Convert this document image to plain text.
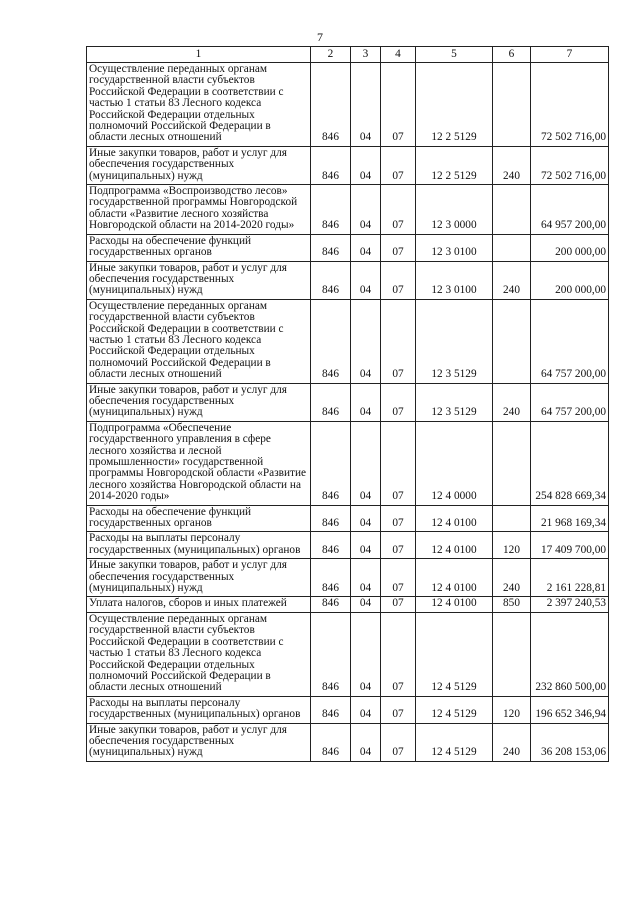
7
1	2	3	4	5	6	7
Осуществление переданных органам государственной власти субъектов Российской Федерации в соответствии с частью 1 статьи 83 Лесного кодекса Российской Федерации отдельных полномочий Российской Федерации в области лесных отношений	846	04	07	12 2 5129		72 502 716,00
Иные закупки товаров, работ и услуг для обеспечения государственных (муниципальных) нужд	846	04	07	12 2 5129	240	72 502 716,00
Подпрограмма «Воспроизводство лесов» государственной программы Новгородской области «Развитие лесного хозяйства Новгородской области на 2014-2020 годы»	846	04	07	12 3 0000		64 957 200,00
Расходы на обеспечение функций государственных органов	846	04	07	12 3 0100		200 000,00
Иные закупки товаров, работ и услуг для обеспечения государственных (муниципальных) нужд	846	04	07	12 3 0100	240	200 000,00
Осуществление переданных органам государственной власти субъектов Российской Федерации в соответствии с частью 1 статьи 83 Лесного кодекса Российской Федерации отдельных полномочий Российской Федерации в области лесных отношений	846	04	07	12 3 5129		64 757 200,00
Иные закупки товаров, работ и услуг для обеспечения государственных (муниципальных) нужд	846	04	07	12 3 5129	240	64 757 200,00
Подпрограмма «Обеспечение государственного управления в сфере лесного хозяйства и лесной промышленности» государственной программы Новгородской области «Развитие лесного хозяйства Новгородской области на 2014-2020 годы»	846	04	07	12 4 0000		254 828 669,34
Расходы на обеспечение функций государственных органов	846	04	07	12 4 0100		21 968 169,34
Расходы на выплаты персоналу государственных (муниципальных) органов	846	04	07	12 4 0100	120	17 409 700,00
Иные закупки товаров, работ и услуг для обеспечения государственных (муниципальных) нужд	846	04	07	12 4 0100	240	2 161 228,81
Уплата налогов, сборов и иных платежей	846	04	07	12 4 0100	850	2 397 240,53
Осуществление переданных органам государственной власти субъектов Российской Федерации в соответствии с частью 1 статьи 83 Лесного кодекса Российской Федерации отдельных полномочий Российской Федерации в области лесных отношений	846	04	07	12 4 5129		232 860 500,00
Расходы на выплаты персоналу государственных (муниципальных) органов	846	04	07	12 4 5129	120	196 652 346,94
Иные закупки товаров, работ и услуг для обеспечения государственных (муниципальных) нужд	846	04	07	12 4 5129	240	36 208 153,06
